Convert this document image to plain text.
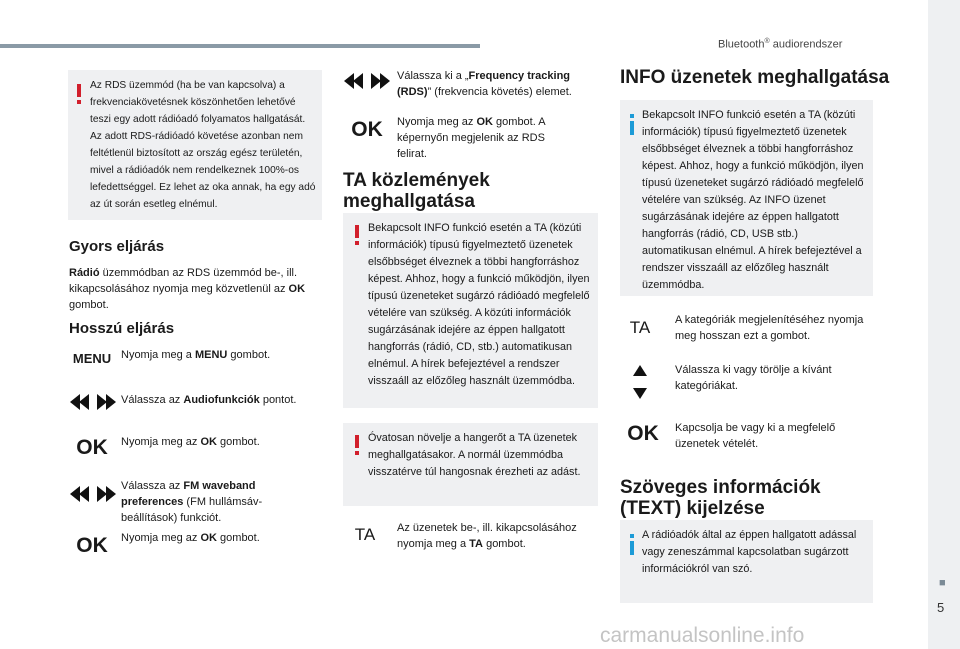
Bluetooth® audiorendszer
■
5
Az RDS üzemmód (ha be van kapcsolva) a frekvenciakövetésnek köszönhetően lehetővé teszi egy adott rádióadó folyamatos hallgatását. Az adott RDS-rádióadó követése azonban nem feltétlenül biztosított az ország egész területén, mivel a rádióadók nem rendelkeznek 100%-os lefedettséggel. Ez lehet az oka annak, ha egy adó az út során esetleg elnémul.
Gyors eljárás
Rádió üzemmódban az RDS üzemmód be-, ill. kikapcsolásához nyomja meg közvetlenül az OK gombot.
Hosszú eljárás
MENU Nyomja meg a MENU gombot.
Válassza az Audiofunkciók pontot.
OK	Nyomja meg az OK gombot.
Válassza az FM waveband preferences (FM hullámsáv-beállítások) funkciót.
OK	Nyomja meg az OK gombot.
Válassza ki a „Frequency tracking (RDS)” (frekvencia követés) elemet.
OK	Nyomja meg az OK gombot. A képernyőn megjelenik az RDS felirat.
TA közlemények
meghallgatása
Bekapcsolt INFO funkció esetén a TA (közúti információk) típusú figyelmeztető üzenetek elsőbbséget élveznek a többi hangforráshoz képest. Ahhoz, hogy a funkció működjön, ilyen típusú üzeneteket sugárzó rádióadó megfelelő vételére van szükség. A közúti információk sugárzásának idejére az éppen hallgatott hangforrás (rádió, CD, stb.) automatikusan elnémul. A hírek befejeztével a rendszer visszaáll az előzőleg használt üzemmódba.
Óvatosan növelje a hangerőt a TA üzenetek meghallgatásakor. A normál üzemmódba visszatérve túl hangosnak érezheti az adást.
TA	Az üzenetek be-, ill. kikapcsolásához nyomja meg a TA gombot.
INFO üzenetek meghallgatása
Bekapcsolt INFO funkció esetén a TA (közúti információk) típusú figyelmeztető üzenetek elsőbbséget élveznek a többi hangforráshoz képest. Ahhoz, hogy a funkció működjön, ilyen típusú üzeneteket sugárzó rádióadó megfelelő vételére van szükség. Az INFO üzenet sugárzásának idejére az éppen hallgatott hangforrás (rádió, CD, USB stb.) automatikusan elnémul. A hírek befejeztével a rendszer visszaáll az előzőleg használt üzemmódba.
TA	A kategóriák megjelenítéséhez nyomja meg hosszan ezt a gombot.
Válassza ki vagy törölje a kívánt kategóriákat.
OK	Kapcsolja be vagy ki a megfelelő üzenetek vételét.
Szöveges információk
(TEXT) kijelzése
A rádióadók által az éppen hallgatott adással vagy zeneszámmal kapcsolatban sugárzott információkról van szó.
carmanualsonline.info
